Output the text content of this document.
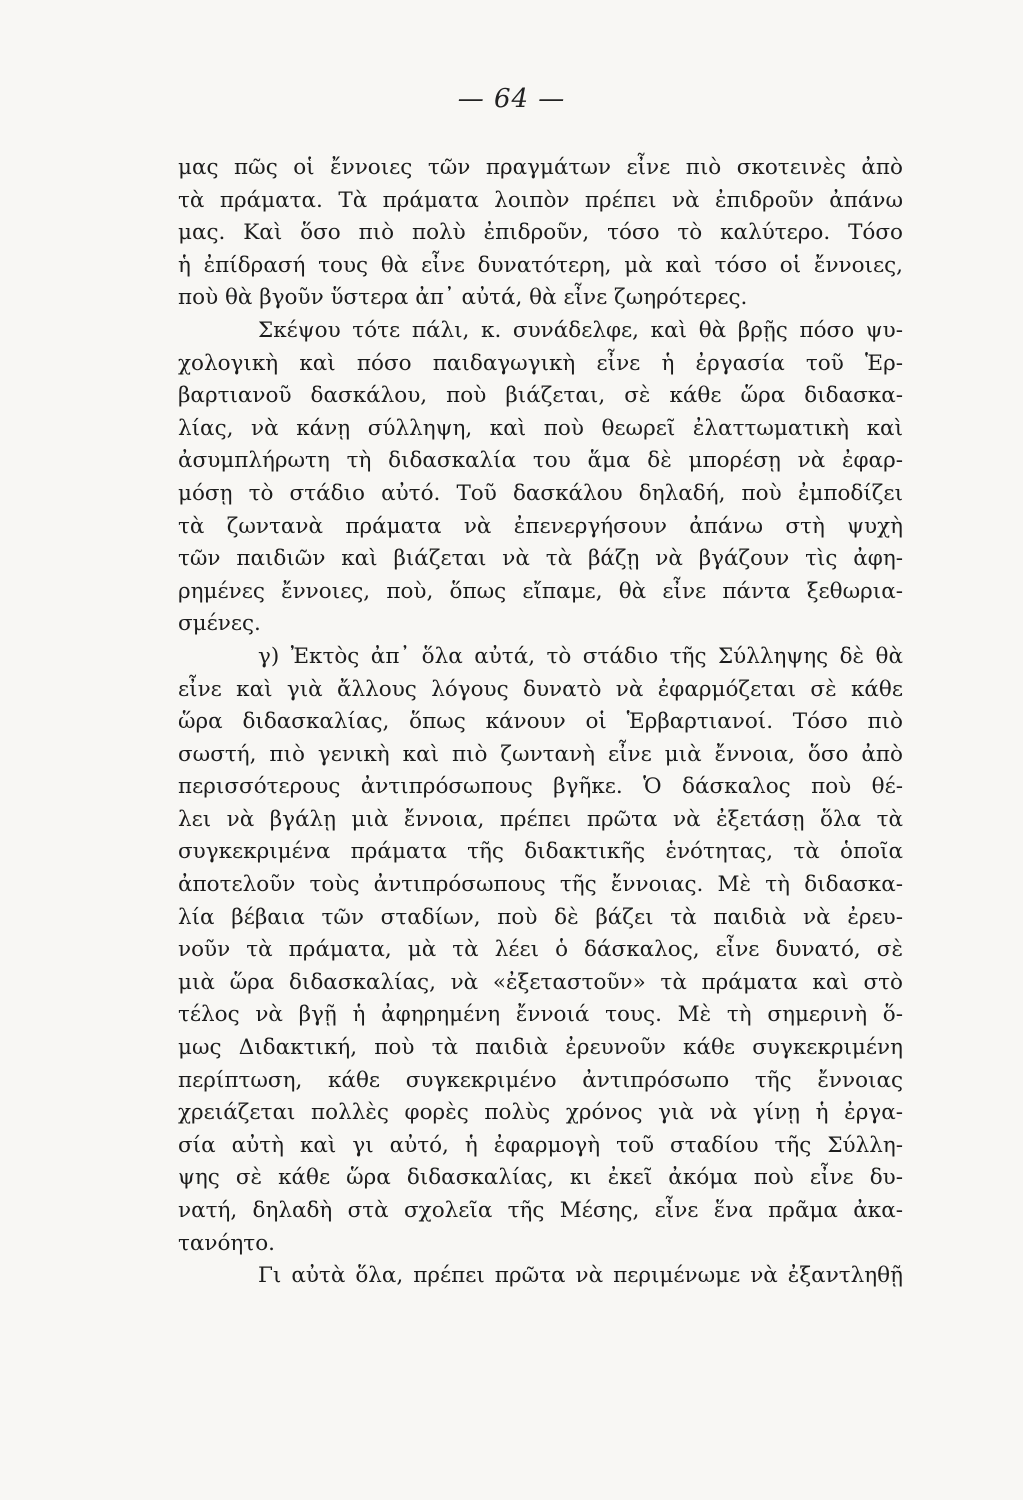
— 64 —
μας πῶς οἱ ἔννοιες τῶν πραγμάτων εἶνε πιὸ σκοτεινὲς ἀπὸ
τὰ πράματα. Τὰ πράματα λοιπὸν πρέπει νὰ ἐπιδροῦν ἀπάνω
μας. Καὶ ὅσο πιὸ πολὺ ἐπιδροῦν, τόσο τὸ καλύτερο. Τόσο
ἡ ἐπίδρασή τους θὰ εἶνε δυνατότερη, μὰ καὶ τόσο οἱ ἔννοιες,
ποὺ θὰ βγοῦν ὕστερα ἀπ᾽ αὐτά, θὰ εἶνε ζωηρότερες.
Σκέψου τότε πάλι, κ. συνάδελφε, καὶ θὰ βρῇς πόσο ψυ-
χολογικὴ καὶ πόσο παιδαγωγικὴ εἶνε ἡ ἐργασία τοῦ Ἑρ-
βαρτιανοῦ δασκάλου, ποὺ βιάζεται, σὲ κάθε ὥρα διδασκα-
λίας, νὰ κάνῃ σύλληψη, καὶ ποὺ θεωρεῖ ἐλαττωματικὴ καὶ
ἀσυμπλήρωτη τὴ διδασκαλία του ἅμα δὲ μπορέσῃ νὰ ἐφαρ-
μόσῃ τὸ στάδιο αὐτό. Τοῦ δασκάλου δηλαδή, ποὺ ἐμποδίζει
τὰ ζωντανὰ πράματα νὰ ἐπενεργήσουν ἀπάνω στὴ ψυχὴ
τῶν παιδιῶν καὶ βιάζεται νὰ τὰ βάζῃ νὰ βγάζουν τὶς ἀφη-
ρημένες ἔννοιες, ποὺ, ὅπως εἴπαμε, θὰ εἶνε πάντα ξεθωρια-
σμένες.
γ) Ἐκτὸς ἀπ᾽ ὅλα αὐτά, τὸ στάδιο τῆς Σύλληψης δὲ θὰ
εἶνε καὶ γιὰ ἄλλους λόγους δυνατὸ νὰ ἐφαρμόζεται σὲ κάθε
ὥρα διδασκαλίας, ὅπως κάνουν οἱ Ἑρβαρτιανοί. Τόσο πιὸ
σωστή, πιὸ γενικὴ καὶ πιὸ ζωντανὴ εἶνε μιὰ ἔννοια, ὅσο ἀπὸ
περισσότερους ἀντιπρόσωπους βγῆκε. Ὁ δάσκαλος ποὺ θέ-
λει νὰ βγάλῃ μιὰ ἔννοια, πρέπει πρῶτα νὰ ἐξετάσῃ ὅλα τὰ
συγκεκριμένα πράματα τῆς διδακτικῆς ἑνότητας, τὰ ὁποῖα
ἀποτελοῦν τοὺς ἀντιπρόσωπους τῆς ἔννοιας. Μὲ τὴ διδασκα-
λία βέβαια τῶν σταδίων, ποὺ δὲ βάζει τὰ παιδιὰ νὰ ἐρευ-
νοῦν τὰ πράματα, μὰ τὰ λέει ὁ δάσκαλος, εἶνε δυνατό, σὲ
μιὰ ὥρα διδασκαλίας, νὰ «ἐξεταστοῦν» τὰ πράματα καὶ στὸ
τέλος νὰ βγῇ ἡ ἀφηρημένη ἔννοιά τους. Μὲ τὴ σημερινὴ ὅ-
μως Διδακτική, ποὺ τὰ παιδιὰ ἐρευνοῦν κάθε συγκεκριμένη
περίπτωση, κάθε συγκεκριμένο ἀντιπρόσωπο τῆς ἔννοιας
χρειάζεται πολλὲς φορὲς πολὺς χρόνος γιὰ νὰ γίνῃ ἡ ἐργα-
σία αὐτὴ καὶ γι αὐτό, ἡ ἐφαρμογὴ τοῦ σταδίου τῆς Σύλλη-
ψης σὲ κάθε ὥρα διδασκαλίας, κι ἐκεῖ ἀκόμα ποὺ εἶνε δυ-
νατή, δηλαδὴ στὰ σχολεῖα τῆς Μέσης, εἶνε ἕνα πρᾶμα ἀκα-
τανόητο.
Γι αὐτὰ ὅλα, πρέπει πρῶτα νὰ περιμένωμε νὰ ἐξαντληθῇ
